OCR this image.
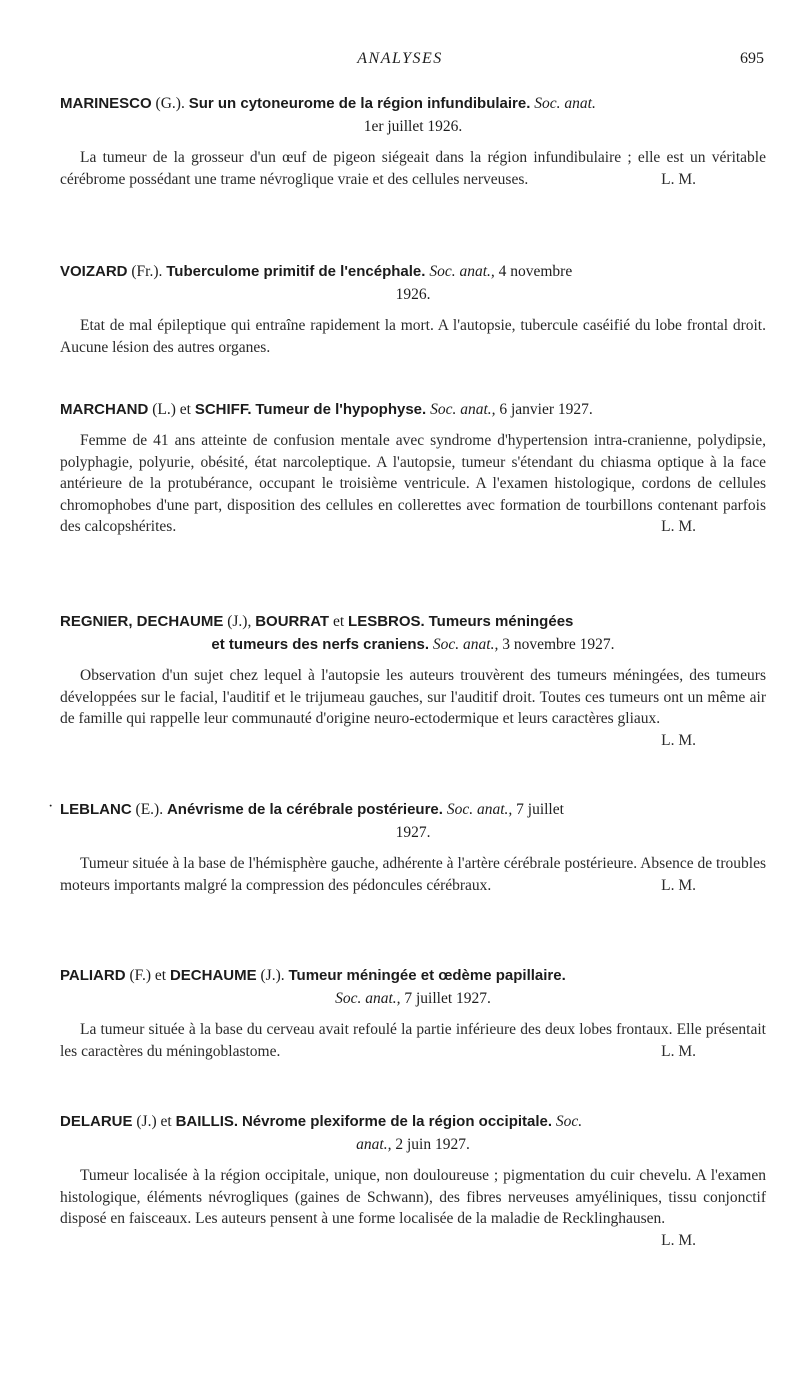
ANALYSES	695
MARINESCO (G.). Sur un cytoneurome de la région infundibulaire. Soc. anat.
1er juillet 1926.
La tumeur de la grosseur d'un œuf de pigeon siégeait dans la région infundibulaire ; elle est un véritable cérébrome possédant une trame névroglique vraie et des cellules nerveuses.	L. M.
VOIZARD (Fr.). Tuberculome primitif de l'encéphale. Soc. anat., 4 novembre
1926.
Etat de mal épileptique qui entraîne rapidement la mort. A l'autopsie, tubercule caséifié du lobe frontal droit. Aucune lésion des autres organes.
MARCHAND (L.) et SCHIFF. Tumeur de l'hypophyse. Soc. anat., 6 janvier 1927.
Femme de 41 ans atteinte de confusion mentale avec syndrome d'hypertension intra-cranienne, polydipsie, polyphagie, polyurie, obésité, état narcoleptique. A l'autopsie, tumeur s'étendant du chiasma optique à la face antérieure de la protubérance, occupant le troisième ventricule. A l'examen histologique, cordons de cellules chromophobes d'une part, disposition des cellules en collerettes avec formation de tourbillons contenant parfois des calcopshérites.	L. M.
REGNIER, DECHAUME (J.), BOURRAT et LESBROS. Tumeurs méningées
et tumeurs des nerfs craniens. Soc. anat., 3 novembre 1927.
Observation d'un sujet chez lequel à l'autopsie les auteurs trouvèrent des tumeurs méningées, des tumeurs développées sur le facial, l'auditif et le trijumeau gauches, sur l'auditif droit. Toutes ces tumeurs ont un même air de famille qui rappelle leur communauté d'origine neuro-ectodermique et leurs caractères gliaux.
L. M.
· LEBLANC (E.). Anévrisme de la cérébrale postérieure. Soc. anat., 7 juillet
1927.
Tumeur située à la base de l'hémisphère gauche, adhérente à l'artère cérébrale postérieure. Absence de troubles moteurs importants malgré la compression des pédoncules cérébraux.	L. M.
PALIARD (F.) et DECHAUME (J.). Tumeur méningée et œdème papillaire.
Soc. anat., 7 juillet 1927.
La tumeur située à la base du cerveau avait refoulé la partie inférieure des deux lobes frontaux. Elle présentait les caractères du méningoblastome.	L. M.
DELARUE (J.) et BAILLIS. Névrome plexiforme de la région occipitale. Soc.
anat., 2 juin 1927.
Tumeur localisée à la région occipitale, unique, non douloureuse ; pigmentation du cuir chevelu. A l'examen histologique, éléments névrogliques (gaines de Schwann), des fibres nerveuses amyéliniques, tissu conjonctif disposé en faisceaux. Les auteurs pensent à une forme localisée de la maladie de Recklinghausen.
L. M.
